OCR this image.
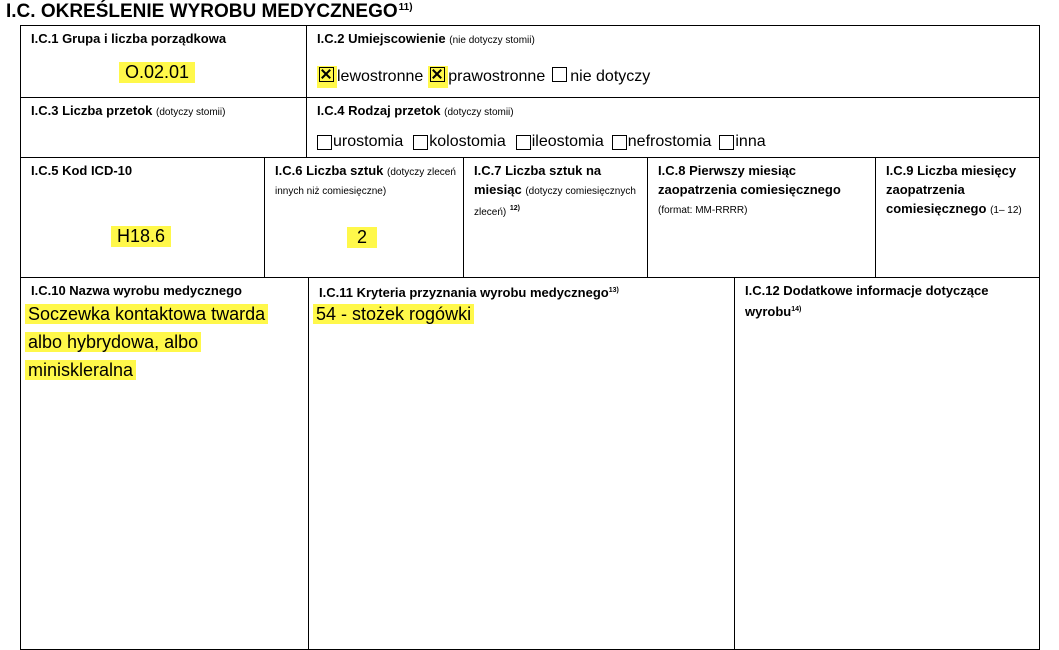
I.C. OKREŚLENIE WYROBU MEDYCZNEGO$^{11)}$
I.C.1 Grupa i liczba porządkowa
O.02.01
I.C.2 Umiejscowienie (nie dotyczy stomii)
lewostronne prawostronne nie dotyczy
I.C.3 Liczba przetok (dotyczy stomii)	I.C.4 Rodzaj przetok (dotyczy stomii)
urostomia kolostomia ileostomia nefrostomia inna
I.C.5 Kod ICD-10
H18.6
I.C.6 Liczba sztuk (dotyczy zleceń innych niż comiesięczne)
2
I.C.7 Liczba sztuk na miesiąc (dotyczy comiesięcznych zleceń) $^{12)}$
I.C.8 Pierwszy miesiąc zaopatrzenia comiesięcznego
(format: MM-RRRR)
I.C.9 Liczba miesięcy zaopatrzenia comiesięcznego (1– 12)
I.C.10 Nazwa wyrobu medycznego
Soczewka kontaktowa twarda
albo hybrydowa, albo
miniskleralna
I.C.11 Kryteria przyznania wyrobu medycznego$^{13)}$
54 - stożek rogówki
I.C.12 Dodatkowe informacje dotyczące wyrobu$^{14)}$
